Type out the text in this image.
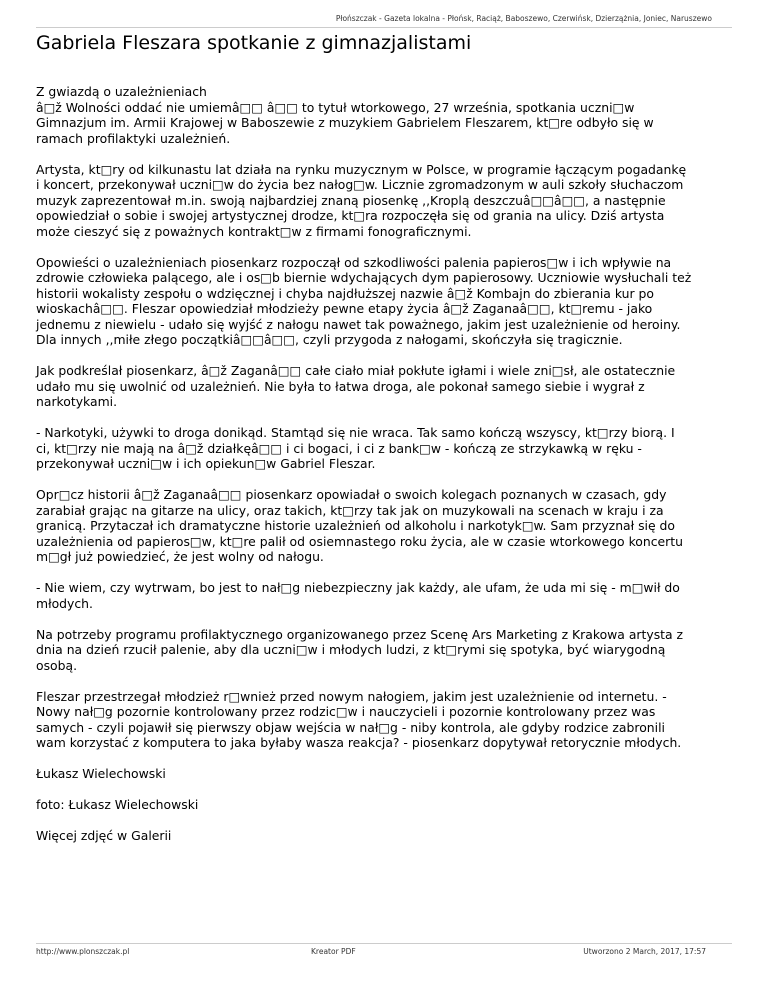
Płońszczak - Gazeta lokalna - Płońsk, Raciąż, Baboszewo, Czerwińsk, Dzierzążnia, Joniec, Naruszewo
Gabriela Fleszara spotkanie z gimnazjalistami

Z gwiazdą o uzależnieniach
â□ž Wolności oddać nie umiemâ□□ â□□ to tytuł wtorkowego, 27 września, spotkania uczni□w
Gimnazjum im. Armii Krajowej w Baboszewie z muzykiem Gabrielem Fleszarem, kt□re odbyło się w
ramach profilaktyki uzależnień.

Artysta, kt□ry od kilkunastu lat działa na rynku muzycznym w Polsce, w programie łączącym pogadankę
i koncert, przekonywał uczni□w do życia bez nałog□w. Licznie zgromadzonym w auli szkoły słuchaczom
muzyk zaprezentował m.in. swoją najbardziej znaną piosenkę ,,Kroplą deszczuâ□□â□□, a następnie
opowiedział o sobie i swojej artystycznej drodze, kt□ra rozpoczęła się od grania na ulicy. Dziś artysta
może cieszyć się z poważnych kontrakt□w z firmami fonograficznymi.

Opowieści o uzależnieniach piosenkarz rozpoczął od szkodliwości palenia papieros□w i ich wpływie na
zdrowie człowieka palącego, ale i os□b biernie wdychających dym papierosowy. Uczniowie wysłuchali też
historii wokalisty zespołu o wdzięcznej i chyba najdłuższej nazwie â□ž Kombajn do zbierania kur po
wioskachâ□□. Fleszar opowiedział młodzieży pewne etapy życia â□ž Zaganaâ□□, kt□remu - jako
jednemu z niewielu - udało się wyjść z nałogu nawet tak poważnego, jakim jest uzależnienie od heroiny.
Dla innych ,,miłe złego początkiâ□□â□□, czyli przygoda z nałogami, skończyła się tragicznie.

Jak podkreślał piosenkarz, â□ž Zaganâ□□ całe ciało miał pokłute igłami i wiele zni□sł, ale ostatecznie
udało mu się uwolnić od uzależnień. Nie była to łatwa droga, ale pokonał samego siebie i wygrał z
narkotykami.

- Narkotyki, używki to droga donikąd. Stamtąd się nie wraca. Tak samo kończą wszyscy, kt□rzy biorą. I
ci, kt□rzy nie mają na â□ž działkęâ□□ i ci bogaci, i ci z bank□w - kończą ze strzykawką w ręku -
przekonywał uczni□w i ich opiekun□w Gabriel Fleszar.

Opr□cz historii â□ž Zaganaâ□□ piosenkarz opowiadał o swoich kolegach poznanych w czasach, gdy
zarabiał grając na gitarze na ulicy, oraz takich, kt□rzy tak jak on muzykowali na scenach w kraju i za
granicą. Przytaczał ich dramatyczne historie uzależnień od alkoholu i narkotyk□w. Sam przyznał się do
uzależnienia od papieros□w, kt□re palił od osiemnastego roku życia, ale w czasie wtorkowego koncertu
m□gł już powiedzieć, że jest wolny od nałogu.

- Nie wiem, czy wytrwam, bo jest to nał□g niebezpieczny jak każdy, ale ufam, że uda mi się - m□wił do
młodych.

Na potrzeby programu profilaktycznego organizowanego przez Scenę Ars Marketing z Krakowa artysta z
dnia na dzień rzucił palenie, aby dla uczni□w i młodych ludzi, z kt□rymi się spotyka, być wiarygodną
osobą.

Fleszar przestrzegał młodzież r□wnież przed nowym nałogiem, jakim jest uzależnienie od internetu. -
Nowy nał□g pozornie kontrolowany przez rodzic□w i nauczycieli i pozornie kontrolowany przez was
samych - czyli pojawił się pierwszy objaw wejścia w nał□g - niby kontrola, ale gdyby rodzice zabronili
wam korzystać z komputera to jaka byłaby wasza reakcja? - piosenkarz dopytywał retorycznie młodych.

Łukasz Wielechowski

foto: Łukasz Wielechowski

Więcej zdjęć w Galerii

http://www.plonszczak.pl	Kreator PDF	Utworzono 2 March, 2017, 17:57
